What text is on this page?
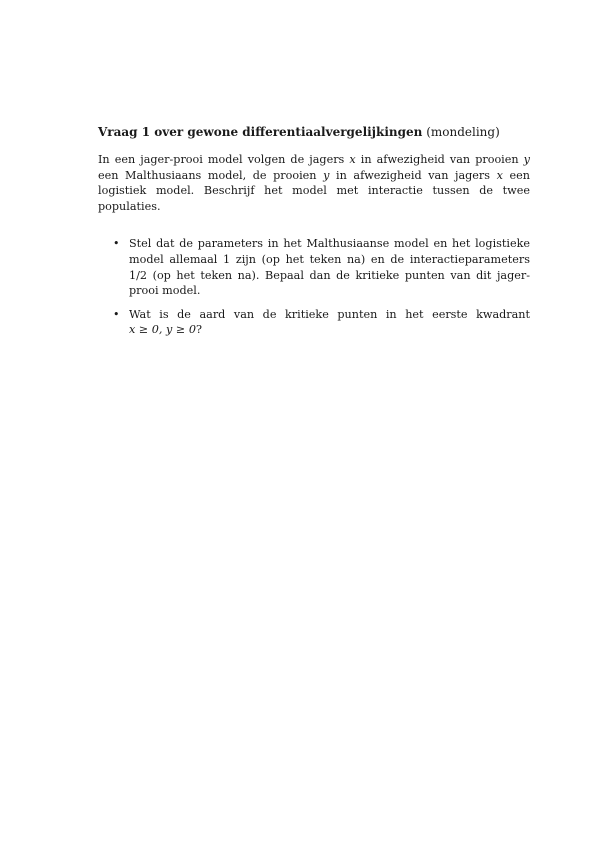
Vraag 1 over gewone differentiaalvergelijkingen (mondeling)

In een jager-prooi model volgen de jagers x in afwezigheid van prooien y een Malthusiaans model, de prooien y in afwezigheid van jagers x een logistiek model. Beschrijf het model met interactie tussen de twee populaties.

• Stel dat de parameters in het Malthusiaanse model en het logistieke model allemaal 1 zijn (op het teken na) en de interactieparameters 1/2 (op het teken na). Bepaal dan de kritieke punten van dit jager-prooi model.
• Wat is de aard van de kritieke punten in het eerste kwadrant x ≥ 0, y ≥ 0?
